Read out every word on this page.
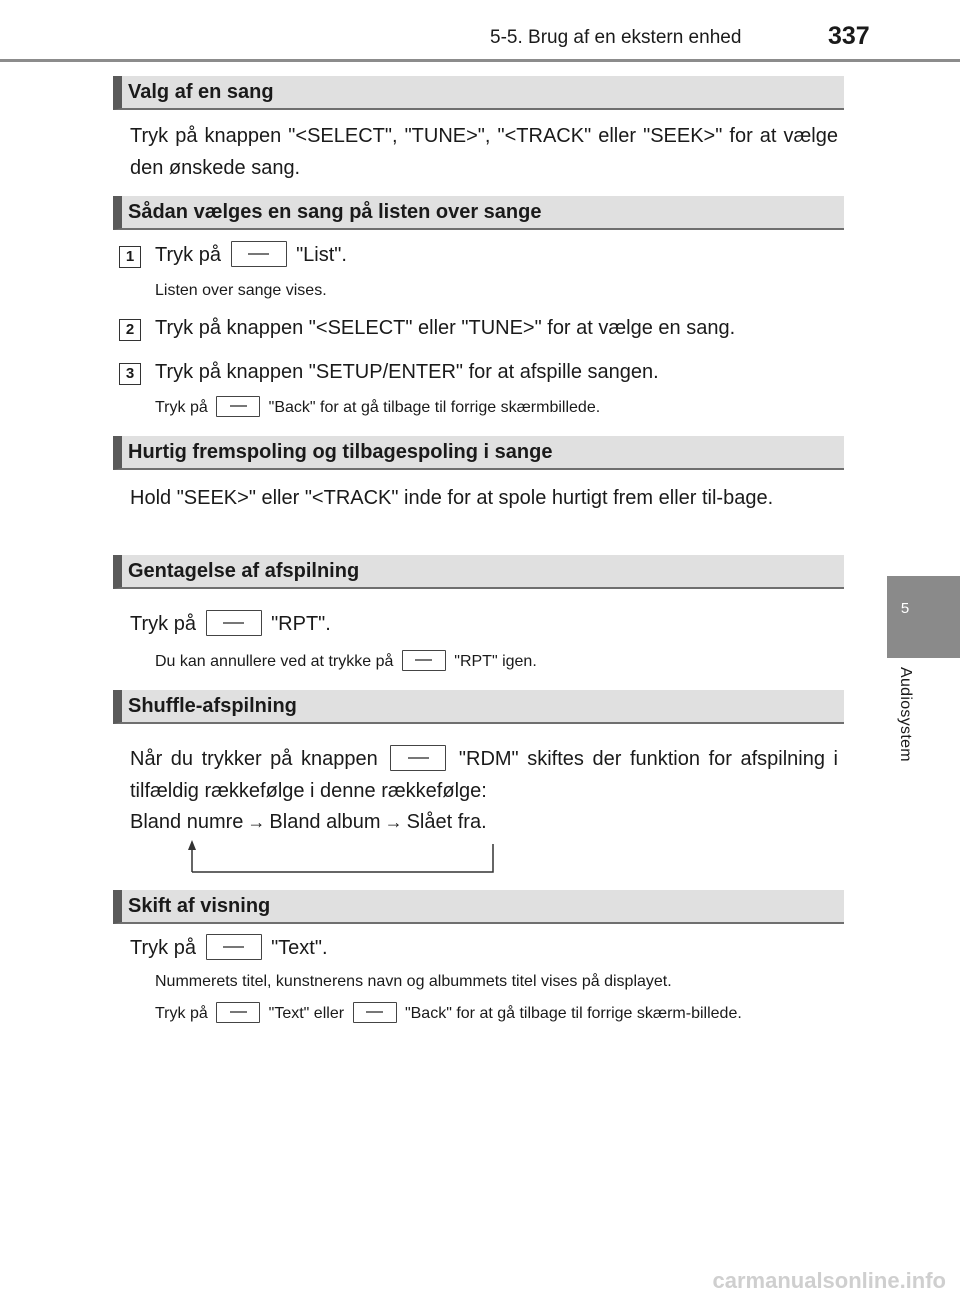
5-5. Brug af en ekstern enhed	337
5
Audiosystem
Valg af en sang
Tryk på knappen "<SELECT", "TUNE>", "<TRACK" eller "SEEK>" for at vælge den ønskede sang.
Sådan vælges en sang på listen over sange
1	Tryk på	"List".
Listen over sange vises.
2	Tryk på knappen "<SELECT" eller "TUNE>" for at vælge en sang.
3	Tryk på knappen "SETUP/ENTER" for at afspille sangen.
Tryk på	"Back" for at gå tilbage til forrige skærmbillede.
Hurtig fremspoling og tilbagespoling i sange
Hold "SEEK>" eller "<TRACK" inde for at spole hurtigt frem eller til-bage.
Gentagelse af afspilning
Tryk på	"RPT".
Du kan annullere ved at trykke på	"RPT" igen.
Shuffle-afspilning
Når du trykker på knappen	"RDM" skiftes der funktion for afspilning i tilfældig rækkefølge i denne rækkefølge:
Bland numre → Bland album → Slået fra.
Skift af visning
Tryk på	"Text".
Nummerets titel, kunstnerens navn og albummets titel vises på displayet.
Tryk på	"Text" eller	"Back" for at gå tilbage til forrige skærm-billede.
carmanualsonline.info
